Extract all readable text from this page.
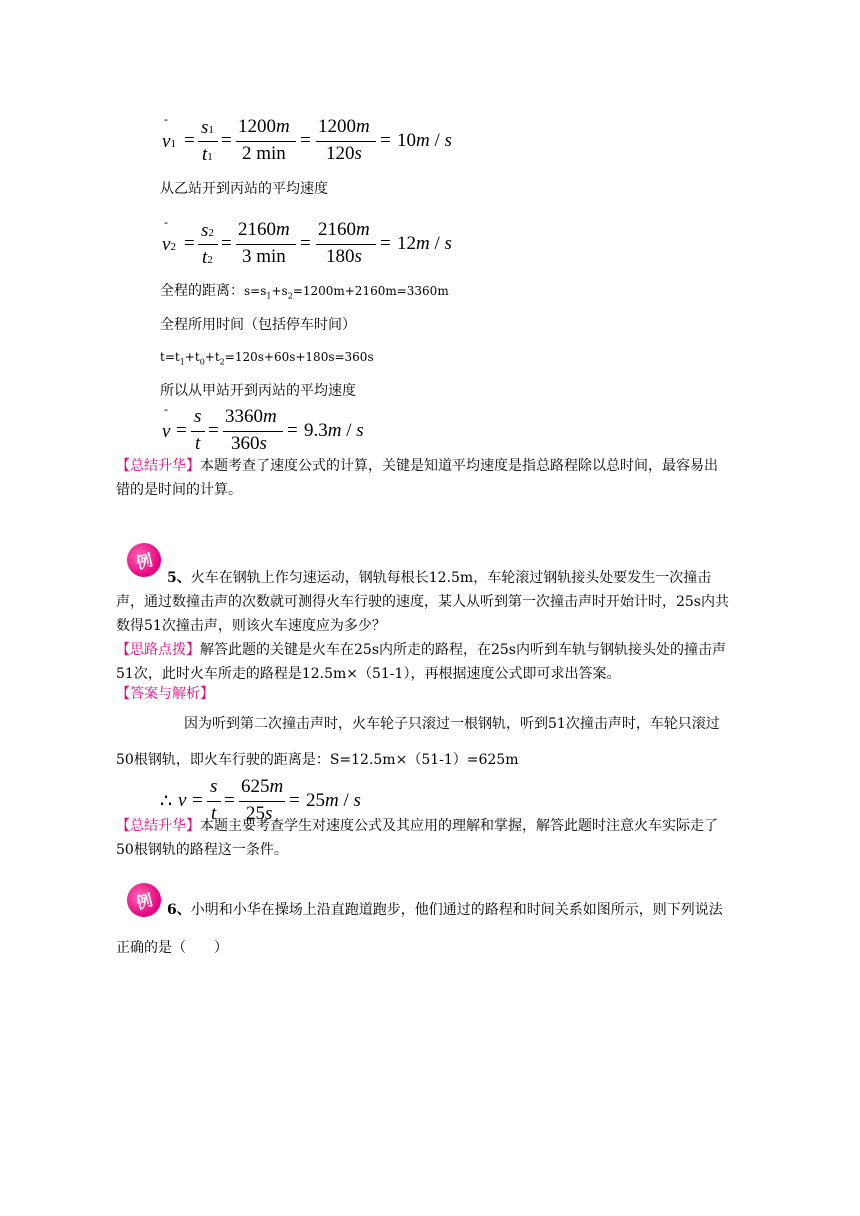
-
v1 =
s1
t1
=
1200m
2 min
=
1200m
120s
= 10m / s
从乙站开到丙站的平均速度
-
v2 =
s2
t2
=
2160m
3 min
=
2160m
180s
= 12m / s
全程的距离：$s=s_1+s_2=1200m+2160m=3360m$
全程所用时间（包括停车时间）
$t=t_1+t_0+t_2=120s+60s+180s=360s$
所以从甲站开到丙站的平均速度
-
v =
s
t
=
3360m
360s
= 9.3m / s
【总结升华】本题考查了速度公式的计算，关键是知道平均速度是指总路程除以总时间，最容易出错的是时间的计算。
例
5、火车在钢轨上作匀速运动，钢轨每根长12.5m，车轮滚过钢轨接头处要发生一次撞击声，通过数撞击声的次数就可测得火车行驶的速度，某人从听到第一次撞击声时开始计时，25s内共数得51次撞击声，则该火车速度应为多少？
【思路点拨】解答此题的关键是火车在25s内所走的路程，在25s内听到车轨与钢轨接头处的撞击声51次，此时火车所走的路程是12.5m×（51-1），再根据速度公式即可求出答案。
【答案与解析】
因为听到第二次撞击声时，火车轮子只滚过一根钢轨，听到51次撞击声时，车轮只滚过50根钢轨，即火车行驶的距离是：S=12.5m×（51-1）=625m
∴ v =
s
t
=
625m
25s
= 25m / s
【总结升华】本题主要考查学生对速度公式及其应用的理解和掌握，解答此题时注意火车实际走了50根钢轨的路程这一条件。
例 6、小明和小华在操场上沿直跑道跑步，他们通过的路程和时间关系如图所示，则下列说法正确的是（　　）
